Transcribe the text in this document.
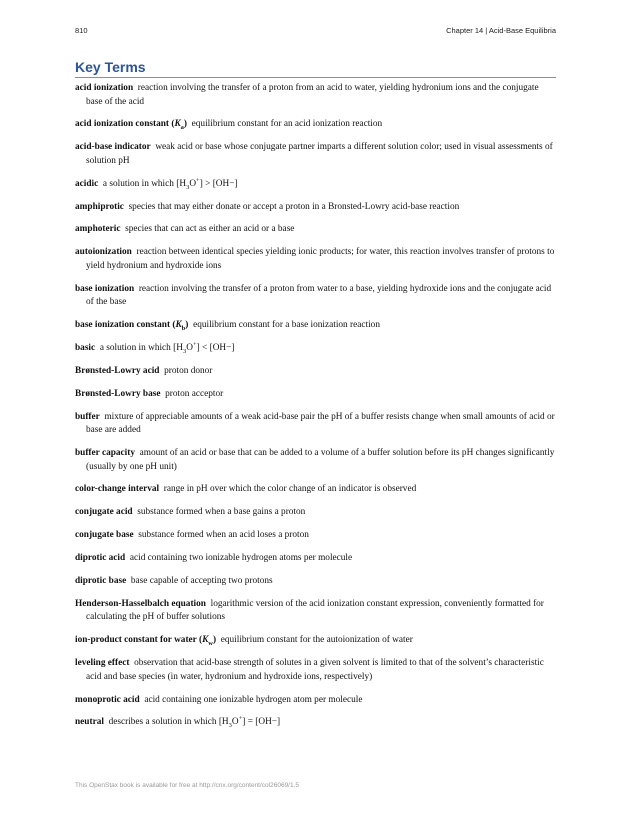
810	Chapter 14 | Acid-Base Equilibria
Key Terms

acid ionization  reaction involving the transfer of a proton from an acid to water, yielding hydronium ions and the conjugate base of the acid

acid ionization constant $(K_a)$  equilibrium constant for an acid ionization reaction

acid-base indicator  weak acid or base whose conjugate partner imparts a different solution color; used in visual assessments of solution pH

acidic  a solution in which $[H_3O^+] > [OH-]$

amphiprotic  species that may either donate or accept a proton in a Bronsted-Lowry acid-base reaction

amphoteric  species that can act as either an acid or a base

autoionization  reaction between identical species yielding ionic products; for water, this reaction involves transfer of protons to yield hydronium and hydroxide ions

base ionization  reaction involving the transfer of a proton from water to a base, yielding hydroxide ions and the conjugate acid of the base

base ionization constant $(K_b)$  equilibrium constant for a base ionization reaction

basic  a solution in which $[H_3O^+] < [OH-]$

Brønsted-Lowry acid  proton donor

Brønsted-Lowry base  proton acceptor

buffer  mixture of appreciable amounts of a weak acid-base pair the pH of a buffer resists change when small amounts of acid or base are added

buffer capacity  amount of an acid or base that can be added to a volume of a buffer solution before its pH changes significantly (usually by one pH unit)

color-change interval  range in pH over which the color change of an indicator is observed

conjugate acid  substance formed when a base gains a proton

conjugate base  substance formed when an acid loses a proton

diprotic acid  acid containing two ionizable hydrogen atoms per molecule

diprotic base  base capable of accepting two protons

Henderson-Hasselbalch equation  logarithmic version of the acid ionization constant expression, conveniently formatted for calculating the pH of buffer solutions

ion-product constant for water $(K_w)$  equilibrium constant for the autoionization of water

leveling effect  observation that acid-base strength of solutes in a given solvent is limited to that of the solvent’s characteristic acid and base species (in water, hydronium and hydroxide ions, respectively)

monoprotic acid  acid containing one ionizable hydrogen atom per molecule

neutral  describes a solution in which $[H_3O^+] = [OH-]$

This OpenStax book is available for free at http://cnx.org/content/col26069/1.5
